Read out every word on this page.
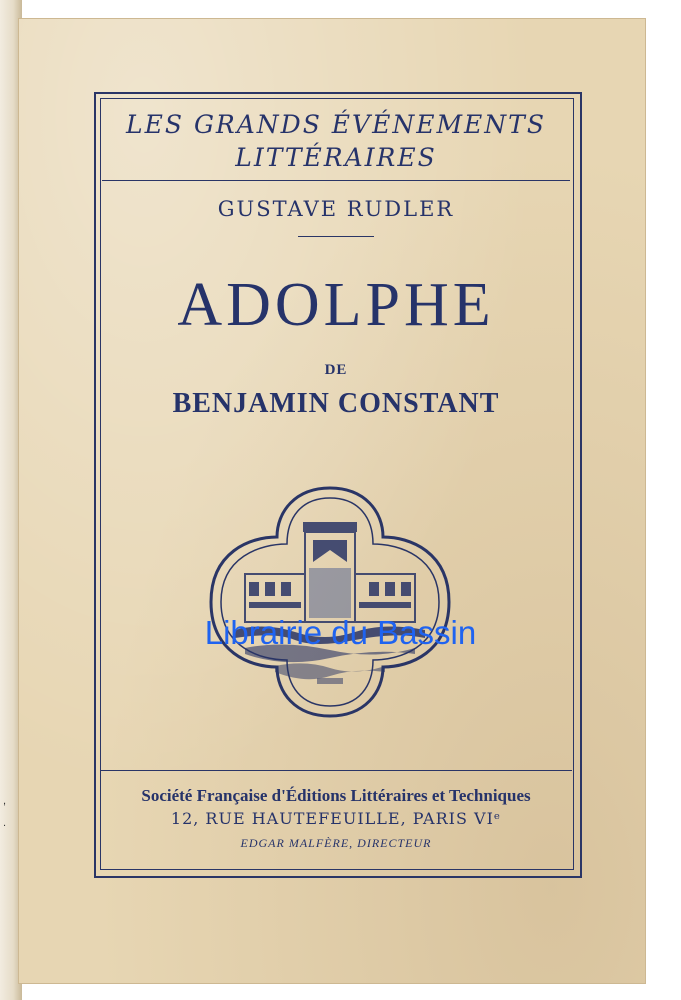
,
.
LES GRANDS ÉVÉNEMENTS
LITTÉRAIRES
GUSTAVE RUDLER
ADOLPHE
DE
BENJAMIN CONSTANT
Librairie du Bassin
Société Française d'Éditions Littéraires et Techniques
12, RUE HAUTEFEUILLE, PARIS VIᵉ
EDGAR MALFÈRE, DIRECTEUR
